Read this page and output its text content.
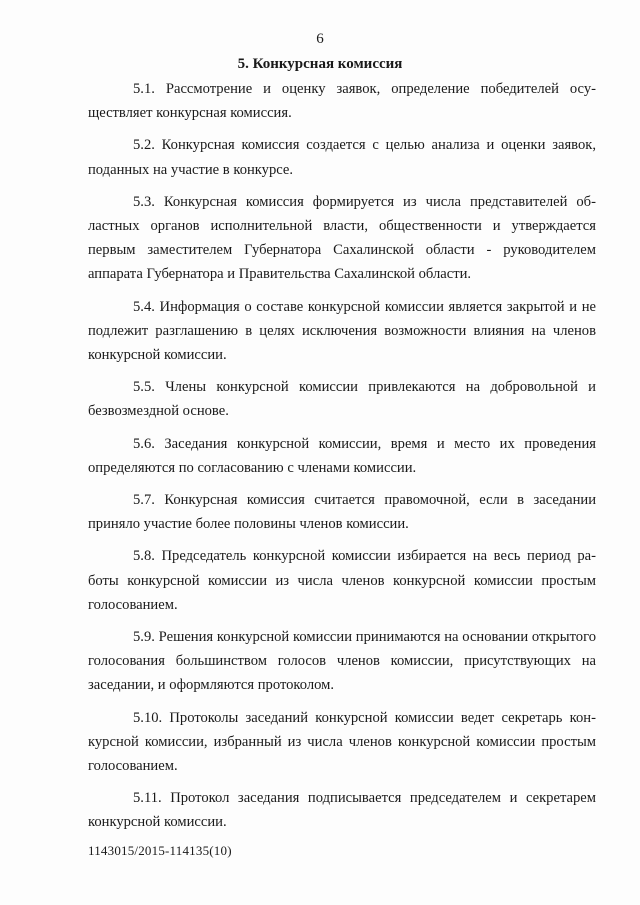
6
5. Конкурсная комиссия

5.1. Рассмотрение и оценку заявок, определение победителей осуществляет конкурсная комиссия.

5.2. Конкурсная комиссия создается с целью анализа и оценки заявок, поданных на участие в конкурсе.

5.3. Конкурсная комиссия формируется из числа представителей областных органов исполнительной власти, общественности и утверждается первым заместителем Губернатора Сахалинской области - руководителем аппарата Губернатора и Правительства Сахалинской области.

5.4. Информация о составе конкурсной комиссии является закрытой и не подлежит разглашению в целях исключения возможности влияния на членов конкурсной комиссии.

5.5. Члены конкурсной комиссии привлекаются на добровольной и безвозмездной основе.

5.6. Заседания конкурсной комиссии, время и место их проведения определяются по согласованию с членами комиссии.

5.7. Конкурсная комиссия считается правомочной, если в заседании приняло участие более половины членов комиссии.

5.8. Председатель конкурсной комиссии избирается на весь период работы конкурсной комиссии из числа членов конкурсной комиссии простым голосованием.

5.9. Решения конкурсной комиссии принимаются на основании открытого голосования большинством голосов членов комиссии, присутствующих на заседании, и оформляются протоколом.

5.10. Протоколы заседаний конкурсной комиссии ведет секретарь конкурсной комиссии, избранный из числа членов конкурсной комиссии простым голосованием.

5.11. Протокол заседания подписывается председателем и секретарем конкурсной комиссии.

1143015/2015-114135(10)
